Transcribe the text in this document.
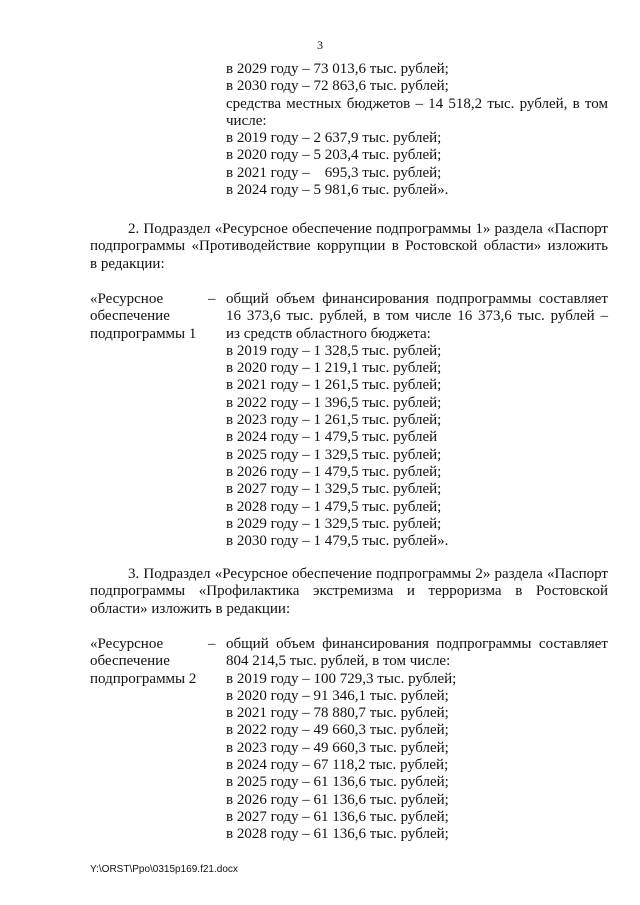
3
в 2029 году – 73 013,6 тыс. рублей;
в 2030 году – 72 863,6 тыс. рублей;
средства местных бюджетов – 14 518,2 тыс. рублей, в том
числе:
в 2019 году – 2 637,9 тыс. рублей;
в 2020 году – 5 203,4 тыс. рублей;
в 2021 году –    695,3 тыс. рублей;
в 2024 году – 5 981,6 тыс. рублей».
2. Подраздел «Ресурсное обеспечение подпрограммы 1» раздела «Паспорт
подпрограммы «Противодействие коррупции в Ростовской области» изложить
в редакции:
«Ресурсное
обеспечение
подпрограммы 1
– общий объем финансирования подпрограммы составляет
16 373,6 тыс. рублей, в том числе 16 373,6 тыс. рублей –
из средств областного бюджета:
в 2019 году – 1 328,5 тыс. рублей;
в 2020 году – 1 219,1 тыс. рублей;
в 2021 году – 1 261,5 тыс. рублей;
в 2022 году – 1 396,5 тыс. рублей;
в 2023 году – 1 261,5 тыс. рублей;
в 2024 году – 1 479,5 тыс. рублей
в 2025 году – 1 329,5 тыс. рублей;
в 2026 году – 1 479,5 тыс. рублей;
в 2027 году – 1 329,5 тыс. рублей;
в 2028 году – 1 479,5 тыс. рублей;
в 2029 году – 1 329,5 тыс. рублей;
в 2030 году – 1 479,5 тыс. рублей».
3. Подраздел «Ресурсное обеспечение подпрограммы 2» раздела «Паспорт
подпрограммы «Профилактика экстремизма и терроризма в Ростовской
области» изложить в редакции:
«Ресурсное
обеспечение
подпрограммы 2
– общий объем финансирования подпрограммы составляет
804 214,5 тыс. рублей, в том числе:
в 2019 году – 100 729,3 тыс. рублей;
в 2020 году – 91 346,1 тыс. рублей;
в 2021 году – 78 880,7 тыс. рублей;
в 2022 году – 49 660,3 тыс. рублей;
в 2023 году – 49 660,3 тыс. рублей;
в 2024 году – 67 118,2 тыс. рублей;
в 2025 году – 61 136,6 тыс. рублей;
в 2026 году – 61 136,6 тыс. рублей;
в 2027 году – 61 136,6 тыс. рублей;
в 2028 году – 61 136,6 тыс. рублей;
Y:\ORST\Ppo\0315p169.f21.docx
